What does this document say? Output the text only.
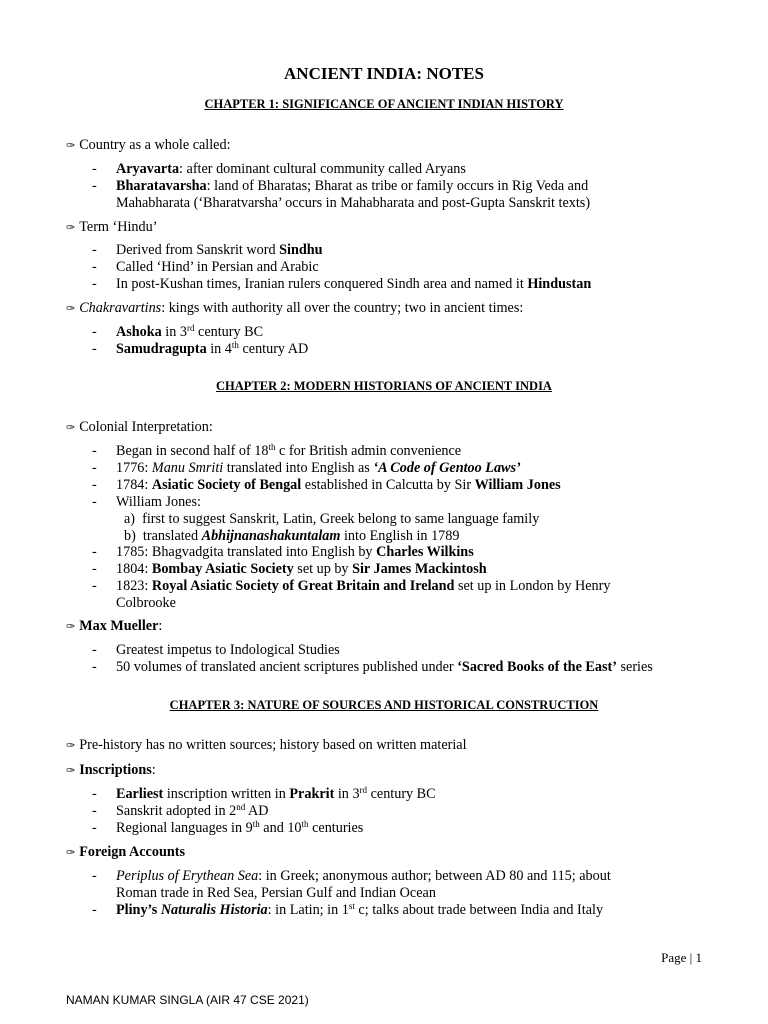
ANCIENT INDIA: NOTES
CHAPTER 1: SIGNIFICANCE OF ANCIENT INDIAN HISTORY

✑ Country as a whole called:

- Aryavarta: after dominant cultural community called Aryans

- Bharatavarsha: land of Bharatas; Bharat as tribe or family occurs in Rig Veda and
Mahabharata (‘Bharatvarsha’ occurs in Mahabharata and post-Gupta Sanskrit texts)

✑ Term ‘Hindu’

- Derived from Sanskrit word Sindhu

- Called ‘Hind’ in Persian and Arabic

- In post-Kushan times, Iranian rulers conquered Sindh area and named it Hindustan

✑ Chakravartins: kings with authority all over the country; two in ancient times:

- Ashoka in 3rd century BC

- Samudragupta in 4th century AD

CHAPTER 2: MODERN HISTORIANS OF ANCIENT INDIA

✑ Colonial Interpretation:

- Began in second half of 18th c for British admin convenience

- 1776: Manu Smriti translated into English as ‘A Code of Gentoo Laws’

- 1784: Asiatic Society of Bengal established in Calcutta by Sir William Jones

- William Jones:

a) first to suggest Sanskrit, Latin, Greek belong to same language family

b) translated Abhijnanashakuntalam into English in 1789

- 1785: Bhagvadgita translated into English by Charles Wilkins

- 1804: Bombay Asiatic Society set up by Sir James Mackintosh

- 1823: Royal Asiatic Society of Great Britain and Ireland set up in London by Henry
Colbrooke

✑ Max Mueller:

- Greatest impetus to Indological Studies

- 50 volumes of translated ancient scriptures published under ‘Sacred Books of the East’ series

CHAPTER 3: NATURE OF SOURCES AND HISTORICAL CONSTRUCTION

✑ Pre-history has no written sources; history based on written material

✑ Inscriptions:

- Earliest inscription written in Prakrit in 3rd century BC

- Sanskrit adopted in 2nd AD

- Regional languages in 9th and 10th centuries

✑ Foreign Accounts

- Periplus of Erythean Sea: in Greek; anonymous author; between AD 80 and 115; about
Roman trade in Red Sea, Persian Gulf and Indian Ocean

- Pliny’s Naturalis Historia: in Latin; in 1st c; talks about trade between India and Italy

Page | 1
NAMAN KUMAR SINGLA (AIR 47 CSE 2021)
